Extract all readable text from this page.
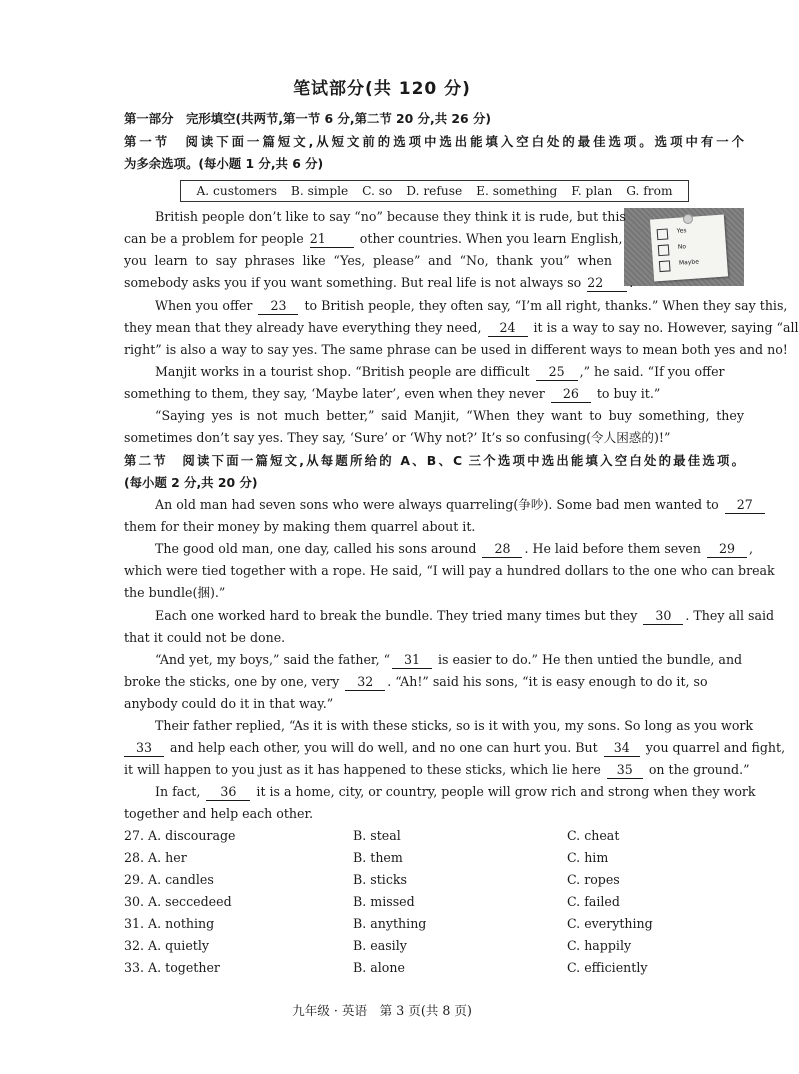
笔试部分(共 120 分)
第一部分　完形填空(共两节,第一节 6 分,第二节 20 分,共 26 分)
第一节　阅读下面一篇短文,从短文前的选项中选出能填入空白处的最佳选项。选项中有一个
为多余选项。(每小题 1 分,共 6 分)
A. customers B. simple C. so D. refuse E. something F. plan G. from
Yes
No
Maybe
British people don’t like to say “no” because they think it is rude, but this
can be a problem for people 21	other countries. When you learn English,
you learn to say phrases like “Yes, please” and “No, thank you” when
somebody asks you if you want something. But real life is not always so 22 .
When you offer 23 to British people, they often say, “I’m all right, thanks.” When they say this,
they mean that they already have everything they need, 24 it is a way to say no. However, saying “all
right” is also a way to say yes. The same phrase can be used in different ways to mean both yes and no!
Manjit works in a tourist shop. “British people are difficult 25 ,” he said. “If you offer
something to them, they say, ‘Maybe later’, even when they never 26 to buy it.”
“Saying yes is not much better,” said Manjit, “When they want to buy something, they
sometimes don’t say yes. They say, ‘Sure’ or ‘Why not?’ It’s so confusing(令人困惑的)!”
第二节　阅读下面一篇短文,从每题所给的 A、B、C 三个选项中选出能填入空白处的最佳选项。
(每小题 2 分,共 20 分)
An old man had seven sons who were always quarreling(争吵). Some bad men wanted to 27
them for their money by making them quarrel about it.
The good old man, one day, called his sons around 28 . He laid before them seven 29 ,
which were tied together with a rope. He said, “I will pay a hundred dollars to the one who can break
the bundle(捆).”
Each one worked hard to break the bundle. They tried many times but they 30 . They all said
that it could not be done.
“And yet, my boys,” said the father, “ 31 is easier to do.” He then untied the bundle, and
broke the sticks, one by one, very 32 . “Ah!” said his sons, “it is easy enough to do it, so
anybody could do it in that way.”
Their father replied, “As it is with these sticks, so is it with you, my sons. So long as you work
33 and help each other, you will do well, and no one can hurt you. But 34 you quarrel and fight,
it will happen to you just as it has happened to these sticks, which lie here 35 on the ground.”
In fact, 36 it is a home, city, or country, people will grow rich and strong when they work
together and help each other.
27. A. discourage	B. steal	C. cheat
28. A. her	B. them	C. him
29. A. candles	B. sticks	C. ropes
30. A. seccedeed	B. missed	C. failed
31. A. nothing	B. anything	C. everything
32. A. quietly	B. easily	C. happily
33. A. together	B. alone	C. efficiently
九年级 · 英语　第 3 页(共 8 页)
